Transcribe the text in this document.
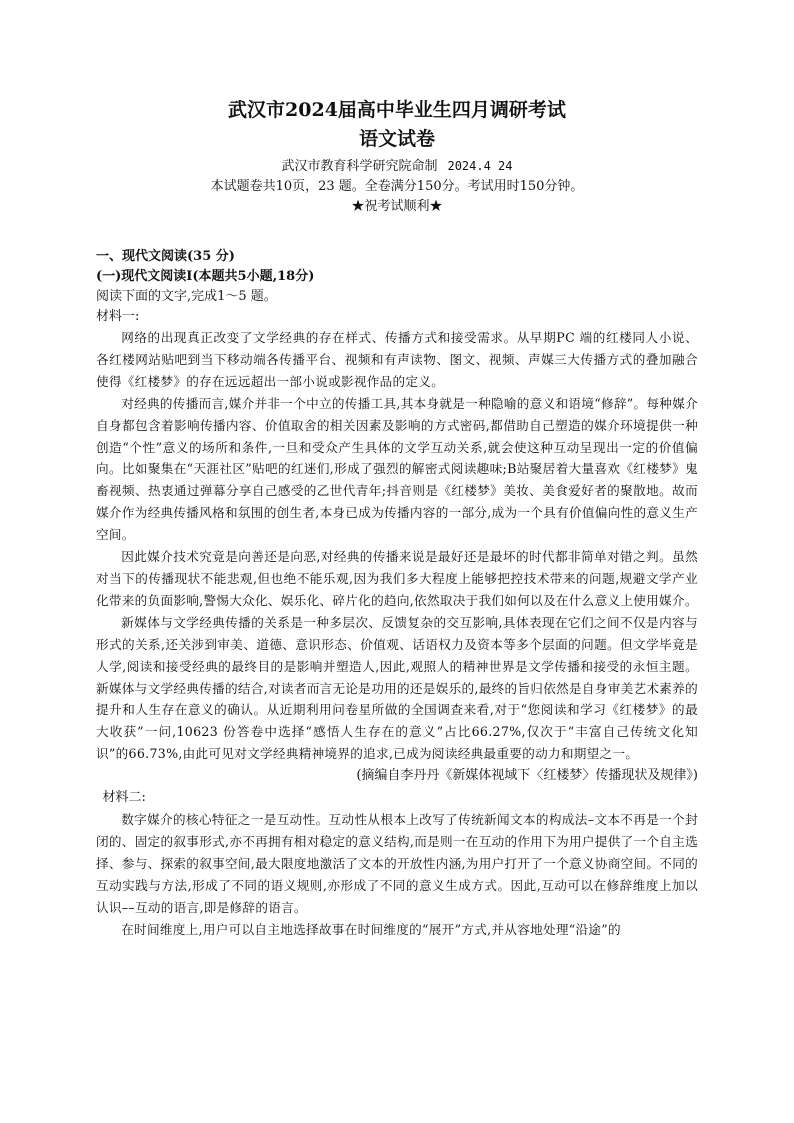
武汉市2024届高中毕业生四月调研考试
语文试卷
武汉市教育科学研究院命制 2024.4 24
本试题卷共10页，23 题。全卷满分150分。考试用时150分钟。
★祝考试顺利★
一、现代文阅读(35 分)
(一)现代文阅读Ⅰ(本题共5小题,18分)
阅读下面的文字,完成1～5 题。
材料一:

网络的出现真正改变了文学经典的存在样式、传播方式和接受需求。从早期PC 端的红楼同人小说、各红楼网站贴吧到当下移动端各传播平台、视频和有声读物、图文、视频、声媒三大传播方式的叠加融合使得《红楼梦》的存在远远超出一部小说或影视作品的定义。

对经典的传播而言,媒介并非一个中立的传播工具,其本身就是一种隐喻的意义和语境“修辞”。每种媒介自身都包含着影响传播内容、价值取舍的相关因素及影响的方式密码,都借助自己塑造的媒介环境提供一种创造“个性”意义的场所和条件,一旦和受众产生具体的文学互动关系,就会使这种互动呈现出一定的价值偏向。比如聚集在“天涯社区”贴吧的红迷们,形成了强烈的解密式阅读趣味;B站聚居着大量喜欢《红楼梦》鬼畜视频、热衷通过弹幕分享自己感受的乙世代青年;抖音则是《红楼梦》美妆、美食爱好者的聚散地。故而媒介作为经典传播风格和氛围的创生者,本身已成为传播内容的一部分,成为一个具有价值偏向性的意义生产空间。

因此媒介技术究竟是向善还是向恶,对经典的传播来说是最好还是最坏的时代都非简单对错之判。虽然对当下的传播现状不能悲观,但也绝不能乐观,因为我们多大程度上能够把控技术带来的问题,规避文学产业化带来的负面影响,警惕大众化、娱乐化、碎片化的趋向,依然取决于我们如何以及在什么意义上使用媒介。

新媒体与文学经典传播的关系是一种多层次、反馈复杂的交互影响,具体表现在它们之间不仅是内容与形式的关系,还关涉到审美、道德、意识形态、价值观、话语权力及资本等多个层面的问题。但文学毕竟是人学,阅读和接受经典的最终目的是影响并塑造人,因此,观照人的精神世界是文学传播和接受的永恒主题。新媒体与文学经典传播的结合,对读者而言无论是功用的还是娱乐的,最终的旨归依然是自身审美艺术素养的提升和人生存在意义的确认。从近期利用问卷星所做的全国调查来看,对于“您阅读和学习《红楼梦》的最大收获”一问,10623 份答卷中选择“感悟人生存在的意义”占比66.27%,仅次于“丰富自己传统文化知识”的66.73%,由此可见对文学经典精神境界的追求,已成为阅读经典最重要的动力和期望之一。

(摘编自李丹丹《新媒体视域下〈红楼梦〉传播现状及规律》)
材料二:

数字媒介的核心特征之一是互动性。互动性从根本上改写了传统新闻文本的构成法–文本不再是一个封闭的、固定的叙事形式,亦不再拥有相对稳定的意义结构,而是则一在互动的作用下为用户提供了一个自主选择、参与、探索的叙事空间,最大限度地激活了文本的开放性内涵,为用户打开了一个意义协商空间。不同的互动实践与方法,形成了不同的语义规则,亦形成了不同的意义生成方式。因此,互动可以在修辞维度上加以认识––互动的语言,即是修辞的语言。

在时间维度上,用户可以自主地选择故事在时间维度的“展开”方式,并从容地处理“沿途”的
